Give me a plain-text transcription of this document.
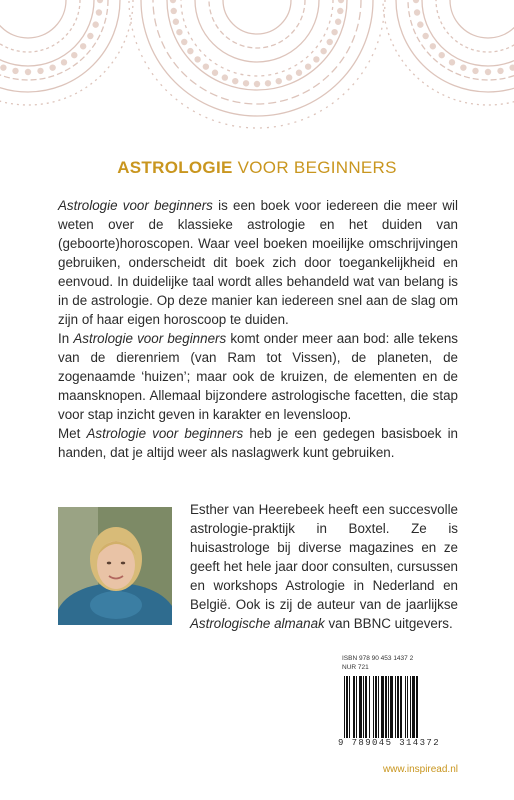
ASTROLOGIE VOOR BEGINNERS

Astrologie voor beginners is een boek voor iedereen die meer wil weten over de klassieke astrologie en het duiden van (geboorte)horoscopen. Waar veel boeken moeilijke omschrijvingen gebruiken, onderscheidt dit boek zich door toegankelijkheid en eenvoud. In duidelijke taal wordt alles behandeld wat van belang is in de astrologie. Op deze manier kan iedereen snel aan de slag om zijn of haar eigen horoscoop te duiden.

In Astrologie voor beginners komt onder meer aan bod: alle tekens van de dierenriem (van Ram tot Vissen), de planeten, de zogenaamde ‘huizen’; maar ook de kruizen, de elementen en de maansknopen. Allemaal bijzondere astrologische facetten, die stap voor stap inzicht geven in karakter en levensloop.

Met Astrologie voor beginners heb je een gedegen basisboek in handen, dat je altijd weer als naslagwerk kunt gebruiken.

Esther van Heerebeek heeft een succesvolle astrologie-praktijk in Boxtel. Ze is huisastrologe bij diverse magazines en ze geeft het hele jaar door consulten, cursussen en workshops Astrologie in Nederland en België. Ook is zij de auteur van de jaarlijkse Astrologische almanak van BBNC uitgevers.
ISBN 978 90 453 1437 2
NUR 721
9 789045 314372
www.inspiread.nl
